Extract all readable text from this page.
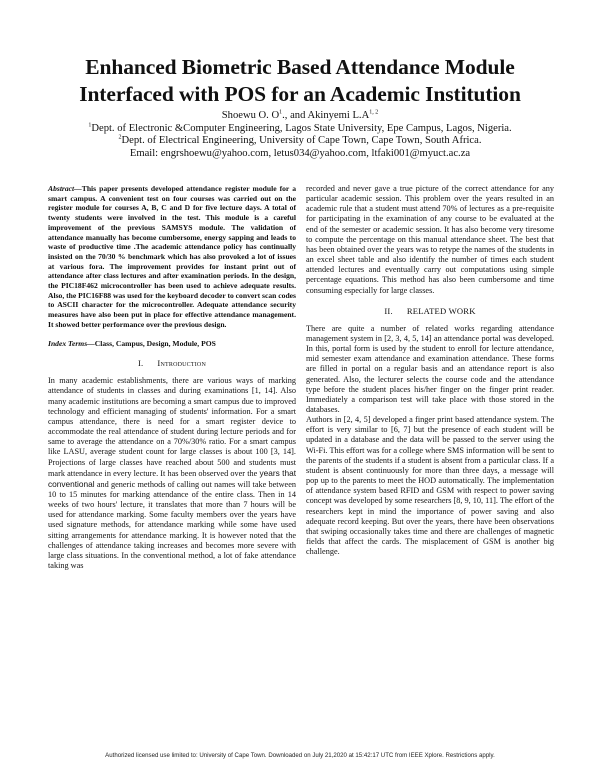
Enhanced Biometric Based Attendance Module
Interfaced with POS for an Academic Institution
Shoewu O. $O^1$., and Akinyemi $L.A^{1, 2}$
$^1$Dept. of Electronic &Computer Engineering, Lagos State University, Epe Campus, Lagos, Nigeria.
$^2$Dept. of Electrical Engineering, University of Cape Town, Cape Town, South Africa.
Email: engrshoewu@yahoo.com, letus034@yahoo.com, ltfaki001@myuct.ac.za

Abstract—This paper presents developed attendance register module for a smart campus. A convenient test on four courses was carried out on the register module for courses A, B, C and D for five lecture days. A total of twenty students were involved in the test. This module is a careful improvement of the previous SAMSYS module. The validation of attendance manually has become cumbersome, energy sapping and leads to waste of productive time .The academic attendance policy has continually insisted on the 70/30 % benchmark which has also provoked a lot of issues at various fora. The improvement provides for instant print out of attendance after class lectures and after examination periods. In the design, the PIC18F462 microcontroller has been used to achieve adequate results. Also, the PIC16F88 was used for the keyboard decoder to convert scan codes to ASCII character for the microcontroller. Adequate attendance security measures have also been put in place for effective attendance management. It showed better performance over the previous design.

Index Terms—Class, Campus, Design, Module, POS

I. Introduction

In many academic establishments, there are various ways of marking attendance of students in classes and during examinations [1, 14]. Also many academic institutions are becoming a smart campus due to improved technology and efficient managing of students' information. For a smart campus attendance, there is need for a smart register device to accommodate the real attendance of student during lecture periods and for same to average the attendance on a 70%/30% ratio. For a smart campus like LASU, average student count for large classes is about 100 [3, 14]. Projections of large classes have reached about 500 and students must mark attendance in every lecture. It has been observed over the years that conventional and generic methods of calling out names will take between 10 to 15 minutes for marking attendance of the entire class. Then in 14 weeks of two hours' lecture, it translates that more than 7 hours will be used for attendance marking. Some faculty members over the years have used signature methods, for attendance marking while some have used sitting arrangements for attendance marking. It is however noted that the challenges of attendance taking increases and becomes more severe with large class situations. In the conventional method, a lot of fake attendance taking was

recorded and never gave a true picture of the correct attendance for any particular academic session. This problem over the years resulted in an academic rule that a student must attend 70% of lectures as a pre-requisite for participating in the examination of any course to be evaluated at the end of the semester or academic session. It has also become very tiresome to compute the percentage on this manual attendance sheet. The best that has been obtained over the years was to retype the names of the students in an excel sheet table and also identify the number of times each student attended lectures and eventually carry out computations using simple percentage equations. This method has also been cumbersome and time consuming especially for large classes.

II. RELATED WORK

There are quite a number of related works regarding attendance management system in [2, 3, 4, 5, 14] an attendance portal was developed. In this, portal form is used by the student to enroll for lecture attendance, mid semester exam attendance and examination attendance. These forms are filled in portal on a regular basis and an attendance report is also generated. Also, the lecturer selects the course code and the attendance type before the student places his/her finger on the finger print reader. Immediately a comparison test will take place with those stored in the databases.

Authors in [2, 4, 5] developed a finger print based attendance system. The effort is very similar to [6, 7] but the presence of each student will be updated in a database and the data will be passed to the server using the Wi-Fi. This effort was for a college where SMS information will be sent to the parents of the students if a student is absent from a particular class. If a student is absent continuously for more than three days, a message will pop up to the parents to meet the HOD automatically. The implementation of attendance system based RFID and GSM with respect to power saving concept was developed by some researchers [8, 9, 10, 11]. The effort of the researchers kept in mind the importance of power saving and also adequate record keeping. But over the years, there have been observations that swiping occasionally takes time and there are challenges of magnetic fields that affect the cards. The misplacement of GSM is another big challenge.

Authorized licensed use limited to: University of Cape Town. Downloaded on July 21,2020 at 15:42:17 UTC from IEEE Xplore. Restrictions apply.
